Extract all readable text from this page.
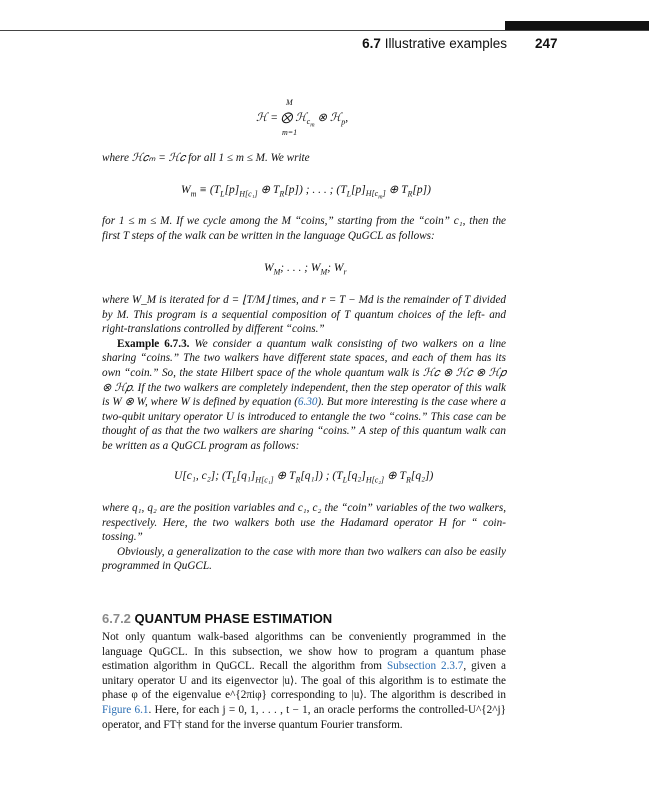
6.7 Illustrative examples 247
M
ℋ = ⨂ ℋ$_{c_m}$ ⊗ ℋ$_p$,
m=1

where ℋ𝑐ₘ = ℋ𝑐 for all 1 ≤ m ≤ M. We write

$W_m \equiv (T_L[p]_{H[c_1]}$ ⊕ $T_R[p]$) ; . . . ; ($T_L[p]_{H[c_m]}$ ⊕ $T_R[p]$)

for 1 ≤ m ≤ M. If we cycle among the M “coins,” starting from the “coin” c₁, then the first T steps of the walk can be written in the language QuGCL as follows:

$W_M$; . . . ; $W_M$; $W_r$

where W_M is iterated for d = ⌊T/M⌋ times, and r = T − Md is the remainder of T divided by M. This program is a sequential composition of T quantum choices of the left- and right-translations controlled by different “coins.”

Example 6.7.3. We consider a quantum walk consisting of two walkers on a line sharing “coins.” The two walkers have different state spaces, and each of them has its own “coin.” So, the state Hilbert space of the whole quantum walk is ℋ𝑐 ⊗ ℋ𝑐 ⊗ ℋ𝑝 ⊗ ℋ𝑝. If the two walkers are completely independent, then the step operator of this walk is W ⊗ W, where W is defined by equation (6.30). But more interesting is the case where a two-qubit unitary operator U is introduced to entangle the two “coins.” This case can be thought of as that the two walkers are sharing “coins.” A step of this quantum walk can be written as a QuGCL program as follows:

U[c₁, c₂]; ($T_L[q_1]_{H[c_1]}$ ⊕ $T_R[q_1]$) ; ($T_L[q_2]_{H[c_2]}$ ⊕ $T_R[q_2]$)

where q₁, q₂ are the position variables and c₁, c₂ the “coin” variables of the two walkers, respectively. Here, the two walkers both use the Hadamard operator H for “ coin-tossing.”

Obviously, a generalization to the case with more than two walkers can also be easily programmed in QuGCL.

6.7.2 QUANTUM PHASE ESTIMATION

Not only quantum walk-based algorithms can be conveniently programmed in the language QuGCL. In this subsection, we show how to program a quantum phase estimation algorithm in QuGCL. Recall the algorithm from Subsection 2.3.7, given a unitary operator U and its eigenvector |u⟩. The goal of this algorithm is to estimate the phase φ of the eigenvalue e^{2πiφ} corresponding to |u⟩. The algorithm is described in Figure 6.1. Here, for each j = 0, 1, . . . , t − 1, an oracle performs the controlled-U^{2^j} operator, and FT† stand for the inverse quantum Fourier transform.
